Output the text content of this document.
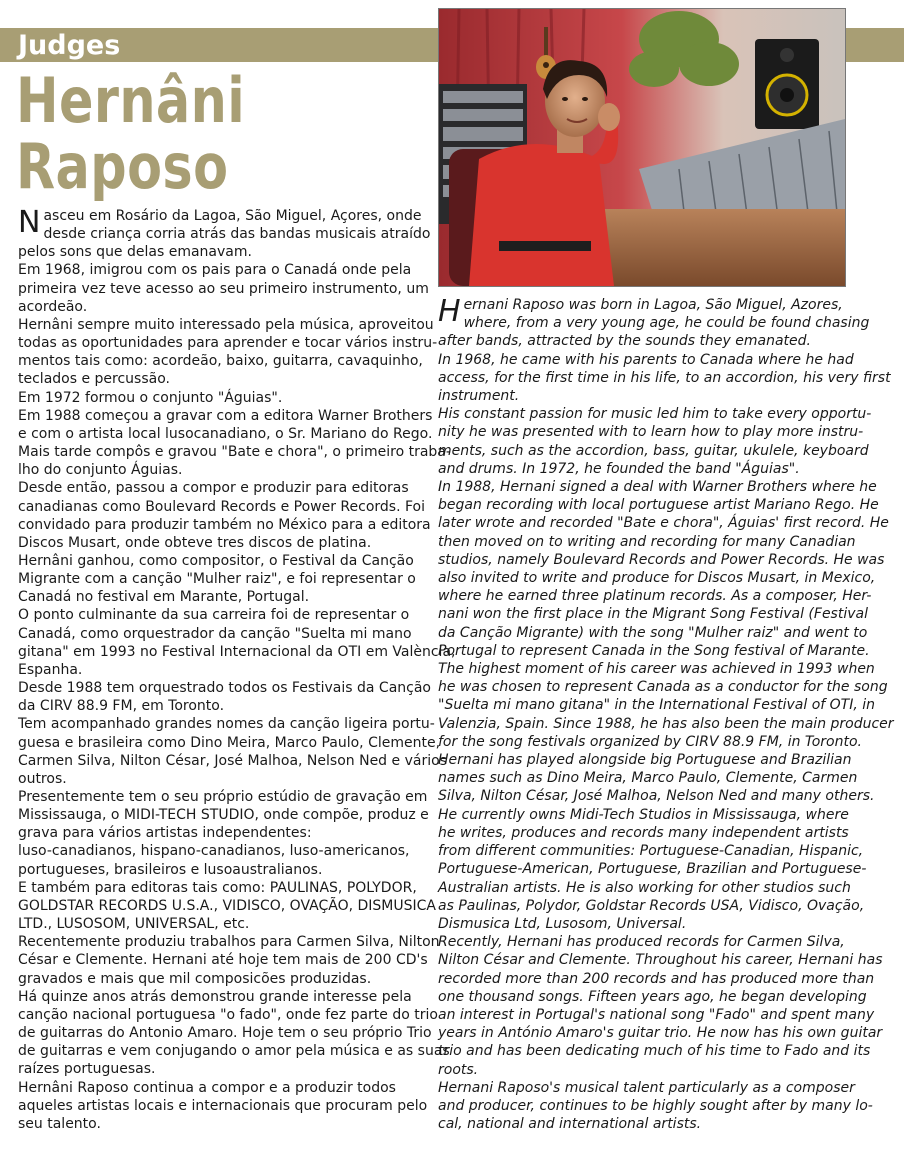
Judges
Hernâni
Raposo
N asceu em Rosário da Lagoa, São Miguel, Açores, onde

desde criança corria atrás das bandas musicais atraído

pelos sons que delas emanavam.

Em 1968, imigrou com os pais para o Canadá onde pela

primeira vez teve acesso ao seu primeiro instrumento, um

acordeão.

Hernâni sempre muito interessado pela música, aproveitou

todas as oportunidades para aprender e tocar vários instru-

mentos tais como: acordeão, baixo, guitarra, cavaquinho,

teclados e percussão.

Em 1972 formou o conjunto "Águias".

Em 1988 começou a gravar com a editora Warner Brothers

e com o artista local lusocanadiano, o Sr. Mariano do Rego.

Mais tarde compôs e gravou "Bate e chora", o primeiro traba-

lho do conjunto Águias.

Desde então, passou a compor e produzir para editoras

canadianas como Boulevard Records e Power Records. Foi

convidado para produzir também no México para a editora

Discos Musart, onde obteve tres discos de platina.

Hernâni ganhou, como compositor, o Festival da Canção

Migrante com a canção "Mulher raiz", e foi representar o

Canadá no festival em Marante, Portugal.

O ponto culminante da sua carreira foi de representar o

Canadá, como orquestrador da canção "Suelta mi mano

gitana" em 1993 no Festival Internacional da OTI em València,

Espanha.

Desde 1988 tem orquestrado todos os Festivais da Canção

da CIRV 88.9 FM, em Toronto.

Tem acompanhado grandes nomes da canção ligeira portu-

guesa e brasileira como Dino Meira, Marco Paulo, Clemente,

Carmen Silva, Nilton César, José Malhoa, Nelson Ned e vários

outros.

Presentemente tem o seu próprio estúdio de gravação em

Mississauga, o MIDI-TECH STUDIO, onde compõe, produz e

grava para vários artistas independentes:

luso-canadianos, hispano-canadianos, luso-americanos,

portugueses, brasileiros e lusoaustralianos.

E também para editoras tais como: PAULINAS, POLYDOR,

GOLDSTAR RECORDS U.S.A., VIDISCO, OVAÇÃO, DISMUSICA

LTD., LUSOSOM, UNIVERSAL, etc.

Recentemente produziu trabalhos para Carmen Silva, Nilton

César e Clemente. Hernani até hoje tem mais de 200 CD's

gravados e mais que mil composicões produzidas.

Há quinze anos atrás demonstrou grande interesse pela

canção nacional portuguesa "o fado", onde fez parte do trio

de guitarras do Antonio Amaro. Hoje tem o seu próprio Trio

de guitarras e vem conjugando o amor pela música e as suas

raízes portuguesas.

Hernâni Raposo continua a compor e a produzir todos

aqueles artistas locais e internacionais que procuram pelo

seu talento.

H ernani Raposo was born in Lagoa, São Miguel, Azores,

where, from a very young age, he could be found chasing

after bands, attracted by the sounds they emanated.

In 1968, he came with his parents to Canada where he had

access, for the first time in his life, to an accordion, his very first

instrument.

His constant passion for music led him to take every opportu-

nity he was presented with to learn how to play more instru-

ments, such as the accordion, bass, guitar, ukulele, keyboard

and drums. In 1972, he founded the band "Águias".

In 1988, Hernani signed a deal with Warner Brothers where he

began recording with local portuguese artist Mariano Rego. He

later wrote and recorded "Bate e chora", Águias' first record. He

then moved on to writing and recording for many Canadian

studios, namely Boulevard Records and Power Records. He was

also invited to write and produce for Discos Musart, in Mexico,

where he earned three platinum records. As a composer, Her-

nani won the first place in the Migrant Song Festival (Festival

da Canção Migrante) with the song "Mulher raiz" and went to

Portugal to represent Canada in the Song festival of Marante.

The highest moment of his career was achieved in 1993 when

he was chosen to represent Canada as a conductor for the song

"Suelta mi mano gitana" in the International Festival of OTI, in

Valenzia, Spain. Since 1988, he has also been the main producer

for the song festivals organized by CIRV 88.9 FM, in Toronto.

Hernani has played alongside big Portuguese and Brazilian

names such as Dino Meira, Marco Paulo, Clemente, Carmen

Silva, Nilton César, José Malhoa, Nelson Ned and many others.

He currently owns Midi-Tech Studios in Mississauga, where

he writes, produces and records many independent artists

from different communities: Portuguese-Canadian, Hispanic,

Portuguese-American, Portuguese, Brazilian and Portuguese-

Australian artists. He is also working for other studios such

as Paulinas, Polydor, Goldstar Records USA, Vidisco, Ovação,

Dismusica Ltd, Lusosom, Universal.

Recently, Hernani has produced records for Carmen Silva,

Nilton César and Clemente. Throughout his career, Hernani has

recorded more than 200 records and has produced more than

one thousand songs. Fifteen years ago, he began developing

an interest in Portugal's national song "Fado" and spent many

years in António Amaro's guitar trio. He now has his own guitar

trio and has been dedicating much of his time to Fado and its

roots.

Hernani Raposo's musical talent particularly as a composer

and producer, continues to be highly sought after by many lo-

cal, national and international artists.
